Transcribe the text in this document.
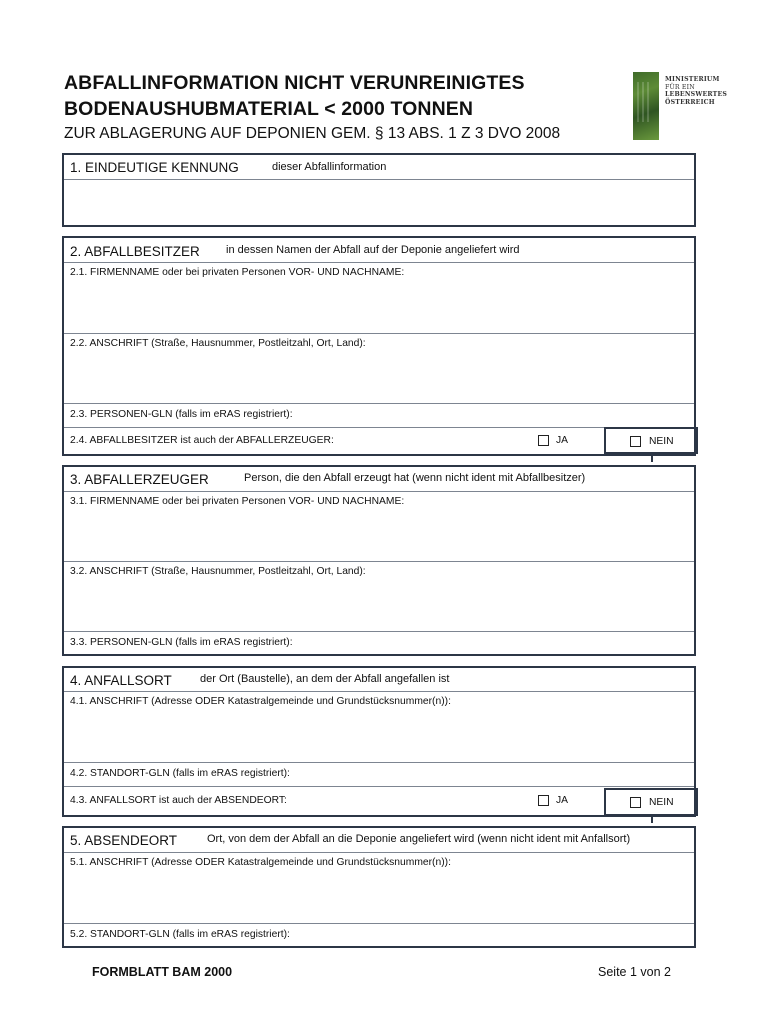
ABFALLINFORMATION NICHT VERUNREINIGTES
BODENAUSHUBMATERIAL < 2000 TONNEN
ZUR ABLAGERUNG AUF DEPONIEN GEM. § 13 ABS. 1 Z 3 DVO 2008
MINISTERIUM
FÜR EIN
LEBENSWERTES
ÖSTERREICH
1. EINDEUTIGE KENNUNG	dieser Abfallinformation
2. ABFALLBESITZER in dessen Namen der Abfall auf der Deponie angeliefert wird
2.1. FIRMENNAME oder bei privaten Personen VOR- UND NACHNAME:
2.2. ANSCHRIFT (Straße, Hausnummer, Postleitzahl, Ort, Land):
2.3. PERSONEN-GLN (falls im eRAS registriert):
2.4. ABFALLBESITZER ist auch der ABFALLERZEUGER:	JA	NEIN
3. ABFALLERZEUGER	Person, die den Abfall erzeugt hat (wenn nicht ident mit Abfallbesitzer)
3.1. FIRMENNAME oder bei privaten Personen VOR- UND NACHNAME:
3.2. ANSCHRIFT (Straße, Hausnummer, Postleitzahl, Ort, Land):
3.3. PERSONEN-GLN (falls im eRAS registriert):
4. ANFALLSORT	der Ort (Baustelle), an dem der Abfall angefallen ist
4.1. ANSCHRIFT (Adresse ODER Katastralgemeinde und Grundstücksnummer(n)):
4.2. STANDORT-GLN (falls im eRAS registriert):
4.3. ANFALLSORT ist auch der ABSENDEORT:	JA	NEIN
5. ABSENDEORT	Ort, von dem der Abfall an die Deponie angeliefert wird (wenn nicht ident mit Anfallsort)
5.1. ANSCHRIFT (Adresse ODER Katastralgemeinde und Grundstücksnummer(n)):
5.2. STANDORT-GLN (falls im eRAS registriert):
FORMBLATT BAM 2000	Seite 1 von 2
